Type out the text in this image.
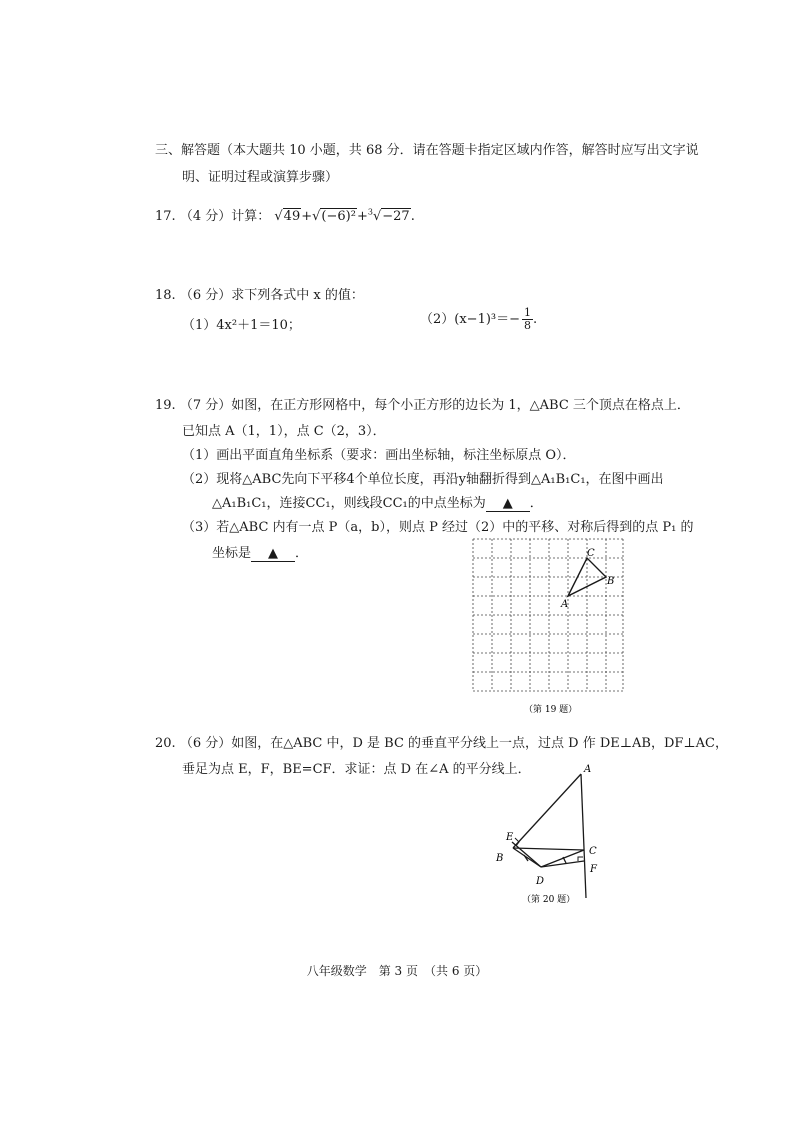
三、解答题（本大题共 10 小题，共 68 分．请在答题卡指定区域内作答，解答时应写出文字说
明、证明过程或演算步骤）
17. （4 分）计算： √49+√(−6)²+$^3$√−27.
18. （6 分）求下列各式中 x 的值：
（1）4x²＋1＝10；	$(2)(x-1)^3=- \frac{1}{8}$ .
19. （7 分）如图，在正方形网格中，每个小正方形的边长为 1，△ABC 三个顶点在格点上．
已知点 A（1，1），点 C（2，3）．
（1）画出平面直角坐标系（要求：画出坐标轴，标注坐标原点 O）．
（2）现将△ABC先向下平移4个单位长度，再沿y轴翻折得到△A₁B₁C₁，在图中画出
△A₁B₁C₁，连接CC₁，则线段CC₁的中点坐标为 ▲ ．
（3）若△ABC 内有一点 P（a，b），则点 P 经过（2）中的平移、对称后得到的点 P₁ 的
坐标是 ▲ ．
A
B
C
（第 19 题）
20. （6 分）如图，在△ABC 中，D 是 BC 的垂直平分线上一点，过点 D 作 DE⊥AB，DF⊥AC，
垂足为点 E，F，BE=CF．求证：点 D 在∠A 的平分线上．	A
B
C
D
E
F
（第 20 题）
八年级数学　第 3 页　（共 6 页）
